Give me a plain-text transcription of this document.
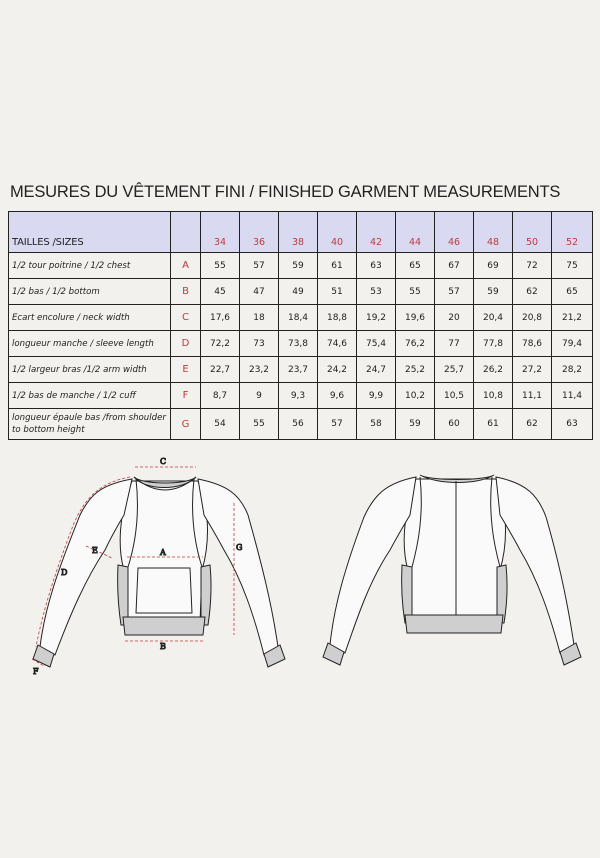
MESURES DU VÊTEMENT FINI / FINISHED GARMENT MEASUREMENTS
TAILLES /SIZES		34	36	38	40	42	44	46	48	50	52
1/2 tour poitrine / 1/2 chest	A	55	57	59	61	63	65	67	69	72	75
1/2 bas / 1/2 bottom	B	45	47	49	51	53	55	57	59	62	65
Ecart encolure / neck width	C	17,6	18	18,4	18,8	19,2	19,6	20	20,4	20,8	21,2
longueur manche / sleeve length	D	72,2	73	73,8	74,6	75,4	76,2	77	77,8	78,6	79,4
1/2 largeur bras /1/2 arm width	E	22,7	23,2	23,7	24,2	24,7	25,2	25,7	26,2	27,2	28,2
1/2 bas de manche / 1/2 cuff	F	8,7	9	9,3	9,6	9,9	10,2	10,5	10,8	11,1	11,4
longueur épaule bas /from shoulder to bottom height	G	54	55	56	57	58	59	60	61	62	63
C
A
B
D
E
F
G
